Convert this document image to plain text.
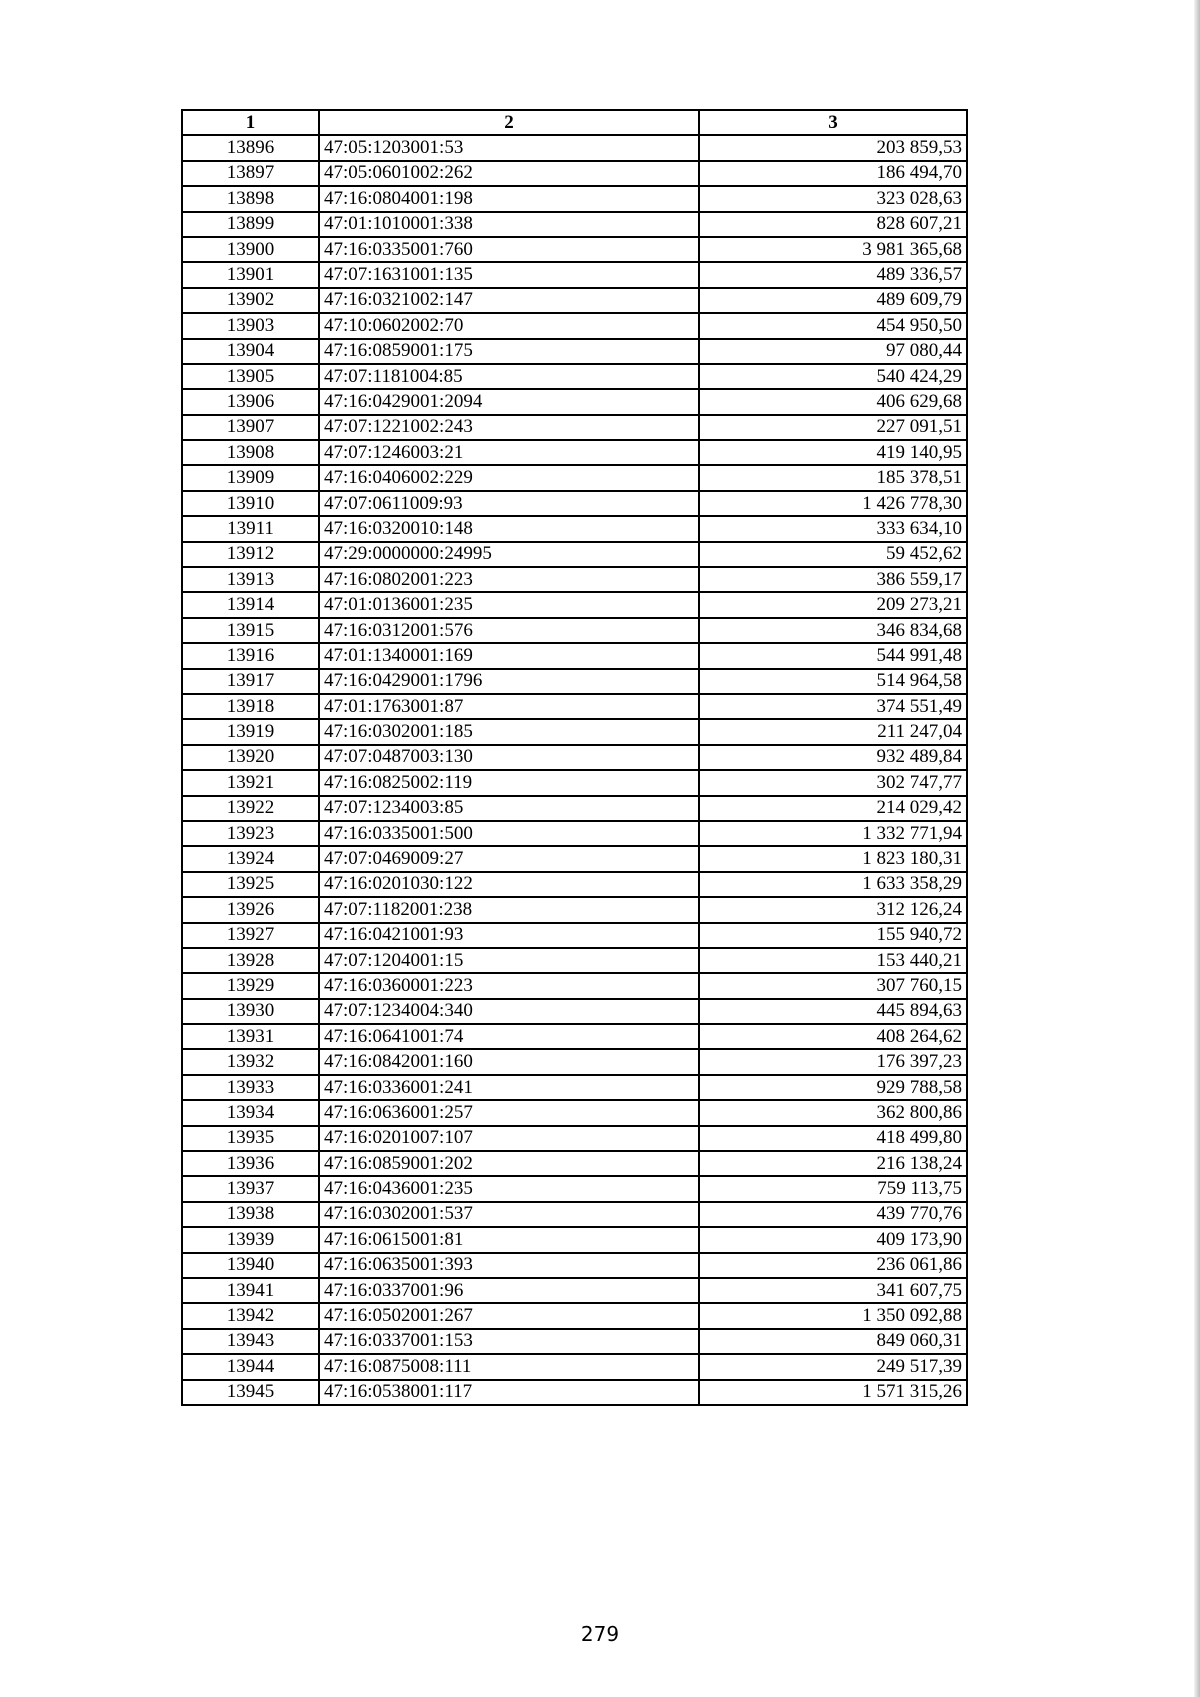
1	2	3
13896	47:05:1203001:53	203 859,53
13897	47:05:0601002:262	186 494,70
13898	47:16:0804001:198	323 028,63
13899	47:01:1010001:338	828 607,21
13900	47:16:0335001:760	3 981 365,68
13901	47:07:1631001:135	489 336,57
13902	47:16:0321002:147	489 609,79
13903	47:10:0602002:70	454 950,50
13904	47:16:0859001:175	97 080,44
13905	47:07:1181004:85	540 424,29
13906	47:16:0429001:2094	406 629,68
13907	47:07:1221002:243	227 091,51
13908	47:07:1246003:21	419 140,95
13909	47:16:0406002:229	185 378,51
13910	47:07:0611009:93	1 426 778,30
13911	47:16:0320010:148	333 634,10
13912	47:29:0000000:24995	59 452,62
13913	47:16:0802001:223	386 559,17
13914	47:01:0136001:235	209 273,21
13915	47:16:0312001:576	346 834,68
13916	47:01:1340001:169	544 991,48
13917	47:16:0429001:1796	514 964,58
13918	47:01:1763001:87	374 551,49
13919	47:16:0302001:185	211 247,04
13920	47:07:0487003:130	932 489,84
13921	47:16:0825002:119	302 747,77
13922	47:07:1234003:85	214 029,42
13923	47:16:0335001:500	1 332 771,94
13924	47:07:0469009:27	1 823 180,31
13925	47:16:0201030:122	1 633 358,29
13926	47:07:1182001:238	312 126,24
13927	47:16:0421001:93	155 940,72
13928	47:07:1204001:15	153 440,21
13929	47:16:0360001:223	307 760,15
13930	47:07:1234004:340	445 894,63
13931	47:16:0641001:74	408 264,62
13932	47:16:0842001:160	176 397,23
13933	47:16:0336001:241	929 788,58
13934	47:16:0636001:257	362 800,86
13935	47:16:0201007:107	418 499,80
13936	47:16:0859001:202	216 138,24
13937	47:16:0436001:235	759 113,75
13938	47:16:0302001:537	439 770,76
13939	47:16:0615001:81	409 173,90
13940	47:16:0635001:393	236 061,86
13941	47:16:0337001:96	341 607,75
13942	47:16:0502001:267	1 350 092,88
13943	47:16:0337001:153	849 060,31
13944	47:16:0875008:111	249 517,39
13945	47:16:0538001:117	1 571 315,26
279
